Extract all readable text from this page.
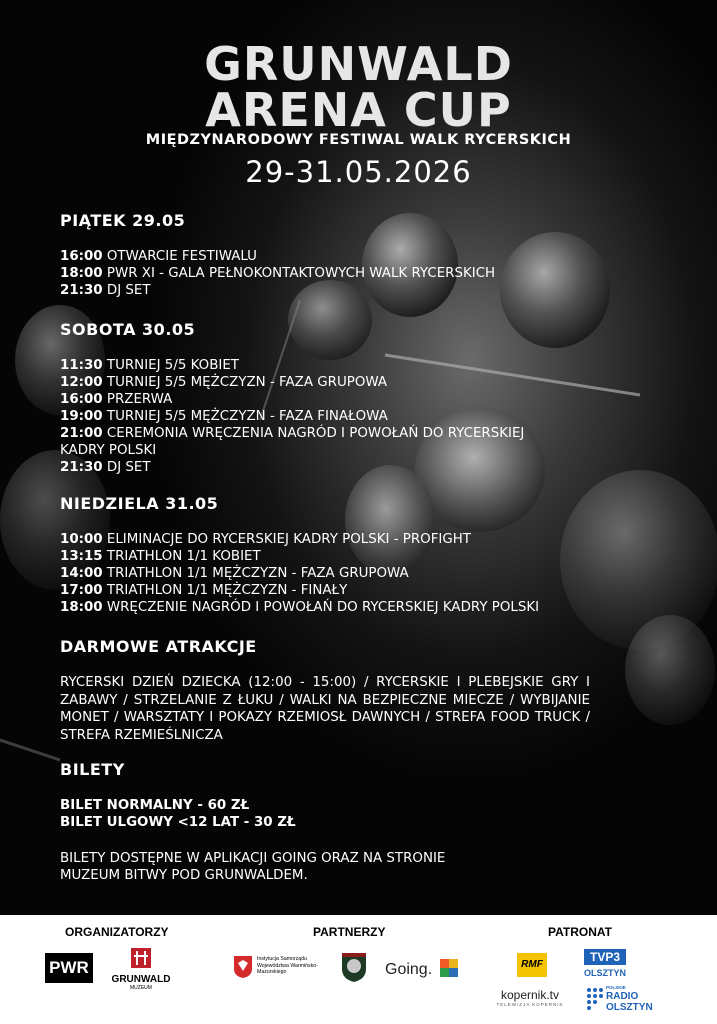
GRUNWALD
ARENA CUP
MIĘDZYNARODOWY FESTIWAL WALK RYCERSKICH
29-31.05.2026
PIĄTEK 29.05
16:00 OTWARCIE FESTIWALU
18:00 PWR XI - GALA PEŁNOKONTAKTOWYCH WALK RYCERSKICH
21:30 DJ SET
SOBOTA 30.05
11:30 TURNIEJ 5/5 KOBIET
12:00 TURNIEJ 5/5 MĘŻCZYZN - FAZA GRUPOWA
16:00 PRZERWA
19:00 TURNIEJ 5/5 MĘŻCZYZN - FAZA FINAŁOWA
21:00 CEREMONIA WRĘCZENIA NAGRÓD I POWOŁAŃ DO RYCERSKIEJ
KADRY POLSKI
21:30 DJ SET
NIEDZIELA 31.05
10:00 ELIMINACJE DO RYCERSKIEJ KADRY POLSKI - PROFIGHT
13:15 TRIATHLON 1/1 KOBIET
14:00 TRIATHLON 1/1 MĘŻCZYZN - FAZA GRUPOWA
17:00 TRIATHLON 1/1 MĘŻCZYZN - FINAŁY
18:00 WRĘCZENIE NAGRÓD I POWOŁAŃ DO RYCERSKIEJ KADRY POLSKI
DARMOWE ATRAKCJE
RYCERSKI DZIEŃ DZIECKA (12:00 - 15:00) / RYCERSKIE I PLEBEJSKIE GRY I ZABAWY / STRZELANIE Z ŁUKU / WALKI NA BEZPIECZNE MIECZE / WYBIJANIE MONET / WARSZTATY I POKAZY RZEMIOSŁ DAWNYCH / STREFA FOOD TRUCK / STREFA RZEMIEŚLNICZA
BILETY
BILET NORMALNY - 60 ZŁ
BILET ULGOWY <12 LAT - 30 ZŁ
BILETY DOSTĘPNE W APLIKACJI GOING ORAZ NA STRONIE
MUZEUM BITWY POD GRUNWALDEM.
ORGANIZATORZY	PARTNERZY	PATRONAT
PWR
GRUNWALD
MUZEUM
Instytucja Samorządu Województwa Warmińsko-Mazurskiego	Going.	RMF
TVP3
OLSZTYN
kopernik.tv
TELEWIZJA KOPERNIK
POLSKIE
RADIO
OLSZTYN
